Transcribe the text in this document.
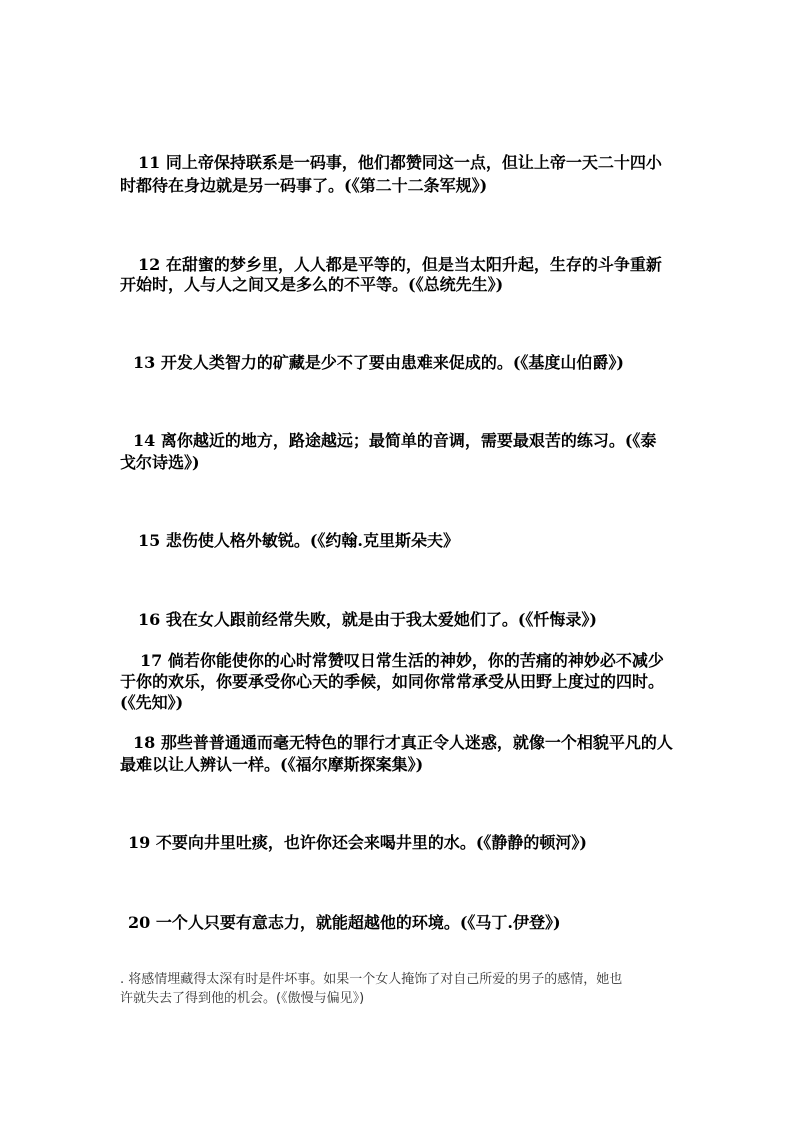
11 同上帝保持联系是一码事，他们都赞同这一点，但让上帝一天二十四小
时都待在身边就是另一码事了。(《第二十二条军规》)
12 在甜蜜的梦乡里，人人都是平等的，但是当太阳升起，生存的斗争重新
开始时，人与人之间又是多么的不平等。(《总统先生》)
13 开发人类智力的矿藏是少不了要由患难来促成的。(《基度山伯爵》)
14 离你越近的地方，路途越远；最简单的音调，需要最艰苦的练习。(《泰
戈尔诗选》)
15 悲伤使人格外敏锐。(《约翰.克里斯朵夫》
16 我在女人跟前经常失败，就是由于我太爱她们了。(《忏悔录》)
17 倘若你能使你的心时常赞叹日常生活的神妙，你的苦痛的神妙必不减少
于你的欢乐，你要承受你心天的季候，如同你常常承受从田野上度过的四时。
(《先知》)
18 那些普普通通而毫无特色的罪行才真正令人迷惑，就像一个相貌平凡的人
最难以让人辨认一样。(《福尔摩斯探案集》)
19 不要向井里吐痰，也许你还会来喝井里的水。(《静静的顿河》)
20 一个人只要有意志力，就能超越他的环境。(《马丁.伊登》)
. 将感情埋藏得太深有时是件坏事。如果一个女人掩饰了对自己所爱的男子的感情，她也
许就失去了得到他的机会。(《傲慢与偏见》)
